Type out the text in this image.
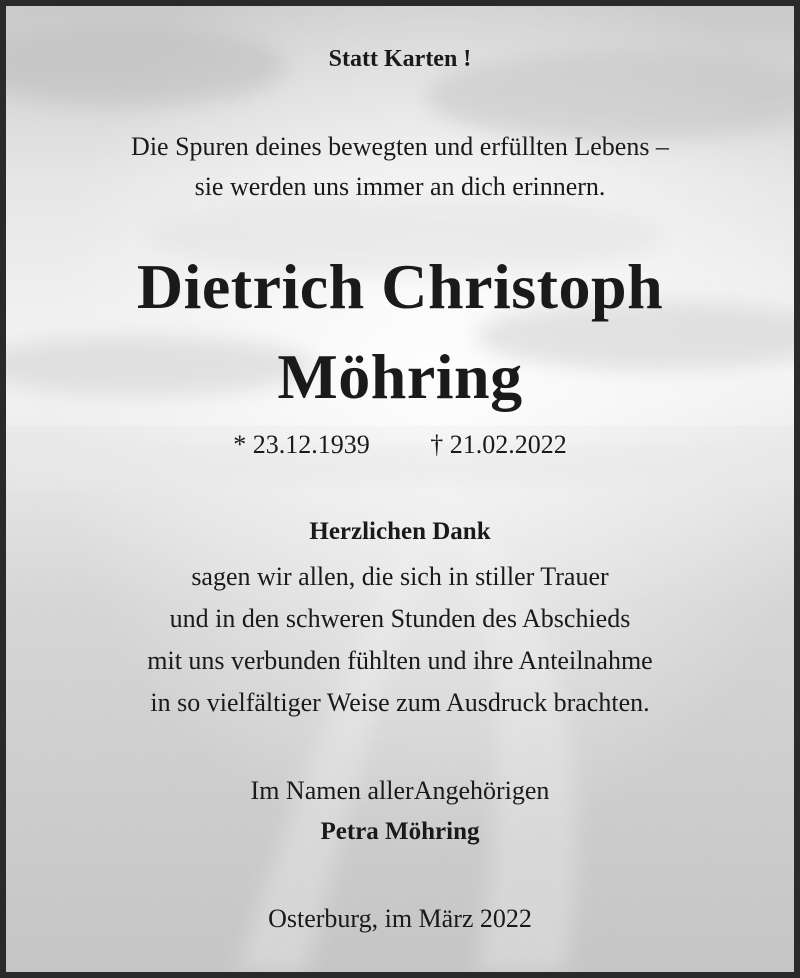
Statt Karten !
Die Spuren deines bewegten und erfüllten Lebens –
sie werden uns immer an dich erinnern.
Dietrich Christoph
Möhring
* 23.12.1939 † 21.02.2022
Herzlichen Dank
sagen wir allen, die sich in stiller Trauer
und in den schweren Stunden des Abschieds
mit uns verbunden fühlten und ihre Anteilnahme
in so vielfältiger Weise zum Ausdruck brachten.
Im Namen allerAngehörigen
Petra Möhring
Osterburg, im März 2022
